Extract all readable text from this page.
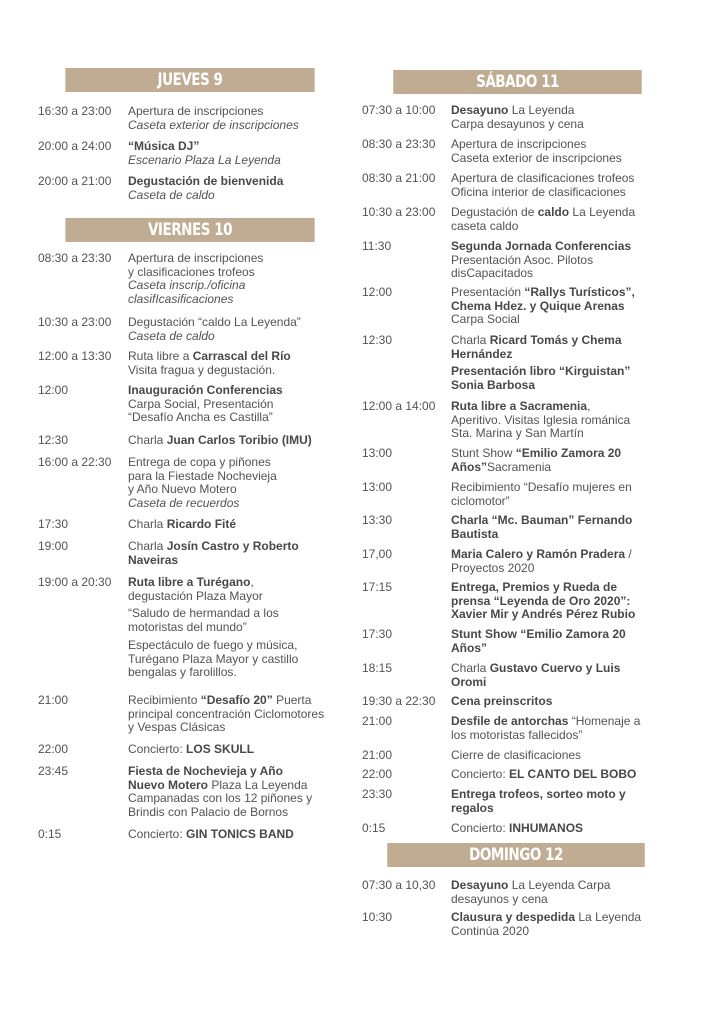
JUEVES 9
16:30 a 23:00 Apertura de inscripciones
Caseta exterior de inscripciones
20:00 a 24:00 “Música DJ”
Escenario Plaza La Leyenda
20:00 a 21:00 Degustación de bienvenida
Caseta de caldo
VIERNES 10
08:30 a 23:30 Apertura de inscripciones
y clasificaciones trofeos
Caseta inscrip./oficina
clasifIcasificaciones
10:30 a 23:00 Degustación “caldo La Leyenda”
Caseta de caldo
12:00 a 13:30 Ruta libre a Carrascal del Río
Visita fragua y degustación.
12:00	Inauguración Conferencias
Carpa Social, Presentación
“Desafío Ancha es Castilla”
12:30	Charla Juan Carlos Toribio (IMU)
16:00 a 22:30 Entrega de copa y piñones
para la Fiestade Nochevieja
y Año Nuevo Motero
Caseta de recuerdos
17:30	Charla Ricardo Fité
19:00	Charla Josín Castro y Roberto
Naveiras
19:00 a 20:30 Ruta libre a Turégano,
degustación Plaza Mayor
“Saludo de hermandad a los
motoristas del mundo”
Espectáculo de fuego y música,
Turégano Plaza Mayor y castillo
bengalas y farolillos.
21:00	Recibimiento “Desafío 20” Puerta
principal concentración Ciclomotores
y Vespas Clásicas
22:00	Concierto: LOS SKULL
23:45	Fiesta de Nochevieja y Año
Nuevo Motero Plaza La Leyenda
Campanadas con los 12 piñones y
Brindis con Palacio de Bornos
0:15	Concierto: GIN TONICS BAND
SÁBADO 11
07:30 a 10:00 Desayuno La Leyenda
Carpa desayunos y cena
08:30 a 23:30 Apertura de inscripciones
Caseta exterior de inscripciones
08:30 a 21:00 Apertura de clasificaciones trofeos
Oficina interior de clasificaciones
10:30 a 23:00 Degustación de caldo La Leyenda
caseta caldo
11:30	Segunda Jornada Conferencias
Presentación Asoc. Pilotos
disCapacitados
12:00	Presentación “Rallys Turísticos”,
Chema Hdez. y Quique Arenas
Carpa Social
12:30	Charla Ricard Tomás y Chema
Hernández
Presentación libro “Kirguistan”
Sonia Barbosa
12:00 a 14:00 Ruta libre a Sacramenia,
Aperitivo. Visitas Iglesia románica
Sta. Marina y San Martín
13:00	Stunt Show “Emilio Zamora 20
Años”Sacramenia
13:00	Recibimiento “Desafío mujeres en
ciclomotor”
13:30	Charla “Mc. Bauman” Fernando
Bautista
17,00	Maria Calero y Ramón Pradera /
Proyectos 2020
17:15	Entrega, Premios y Rueda de
prensa “Leyenda de Oro 2020”:
Xavier Mir y Andrés Pérez Rubio
17:30	Stunt Show “Emilio Zamora 20
Años”
18:15	Charla Gustavo Cuervo y Luis
Oromi
19:30 a 22:30 Cena preinscritos
21:00	Desfile de antorchas “Homenaje a
los motoristas fallecidos”
21:00	Cierre de clasificaciones
22:00	Concierto: EL CANTO DEL BOBO
23:30	Entrega trofeos, sorteo moto y
regalos
0:15	Concierto: INHUMANOS
DOMINGO 12
07:30 a 10,30 Desayuno La Leyenda Carpa
desayunos y cena
10:30	Clausura y despedida La Leyenda
Continúa 2020
